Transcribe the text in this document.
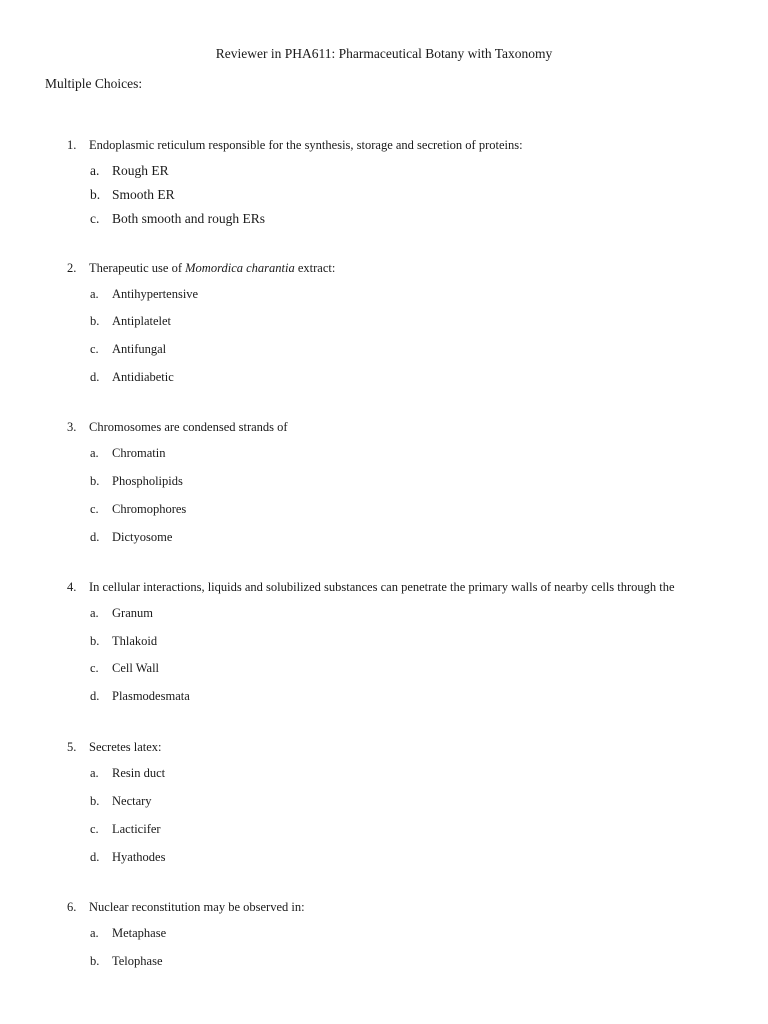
Reviewer in PHA611: Pharmaceutical Botany with Taxonomy
Multiple Choices:
1. Endoplasmic reticulum responsible for the synthesis, storage and secretion of proteins:
a. Rough ER
b. Smooth ER
c. Both smooth and rough ERs
2. Therapeutic use of Momordica charantia extract:
a. Antihypertensive
b. Antiplatelet
c. Antifungal
d. Antidiabetic
3. Chromosomes are condensed strands of
a. Chromatin
b. Phospholipids
c. Chromophores
d. Dictyosome
4. In cellular interactions, liquids and solubilized substances can penetrate the primary walls of nearby cells through the
a. Granum
b. Thlakoid
c. Cell Wall
d. Plasmodesmata
5. Secretes latex:
a. Resin duct
b. Nectary
c. Lacticifer
d. Hyathodes
6. Nuclear reconstitution may be observed in:
a. Metaphase
b. Telophase
